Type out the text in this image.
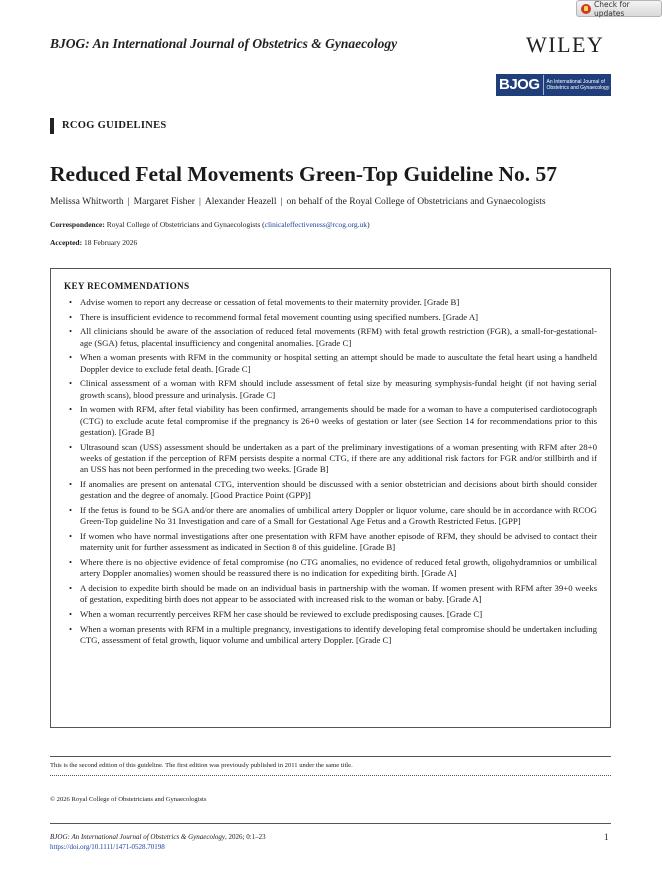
Check for updates
BJOG: An International Journal of Obstetrics & Gynaecology	WILEY
BJOG	An International Journal of
Obstetrics and Gynaecology
RCOG GUIDELINES
Reduced Fetal Movements Green-Top Guideline No. 57
Melissa Whitworth | Margaret Fisher | Alexander Heazell | on behalf of the Royal College of Obstetricians and Gynaecologists
Correspondence: Royal College of Obstetricians and Gynaecologists (clinicaleffectiveness@rcog.org.uk)
Accepted: 18 February 2026
KEY RECOMMENDATIONS
• Advise women to report any decrease or cessation of fetal movements to their maternity provider. [Grade B]
• There is insufficient evidence to recommend formal fetal movement counting using specified numbers. [Grade A]
• All clinicians should be aware of the association of reduced fetal movements (RFM) with fetal growth restriction (FGR), a small-for-gestational-age (SGA) fetus, placental insufficiency and congenital anomalies. [Grade C]
• When a woman presents with RFM in the community or hospital setting an attempt should be made to auscultate the fetal heart using a handheld Doppler device to exclude fetal death. [Grade C]
• Clinical assessment of a woman with RFM should include assessment of fetal size by measuring symphysis-fundal height (if not having serial growth scans), blood pressure and urinalysis. [Grade C]
• In women with RFM, after fetal viability has been confirmed, arrangements should be made for a woman to have a computerised cardiotocograph (CTG) to exclude acute fetal compromise if the pregnancy is 26+0 weeks of gestation or later (see Section 14 for recommendations prior to this gestation). [Grade B]
• Ultrasound scan (USS) assessment should be undertaken as a part of the preliminary investigations of a woman presenting with RFM after 28+0 weeks of gestation if the perception of RFM persists despite a normal CTG, if there are any additional risk factors for FGR and/or stillbirth and if an USS has not been performed in the preceding two weeks. [Grade B]
• If anomalies are present on antenatal CTG, intervention should be discussed with a senior obstetrician and decisions about birth should consider gestation and the degree of anomaly. [Good Practice Point (GPP)]
• If the fetus is found to be SGA and/or there are anomalies of umbilical artery Doppler or liquor volume, care should be in accordance with RCOG Green-Top guideline No 31 Investigation and care of a Small for Gestational Age Fetus and a Growth Restricted Fetus. [GPP]
• If women who have normal investigations after one presentation with RFM have another episode of RFM, they should be advised to contact their maternity unit for further assessment as indicated in Section 8 of this guideline. [Grade B]
• Where there is no objective evidence of fetal compromise (no CTG anomalies, no evidence of reduced fetal growth, oligohydramnios or umbilical artery Doppler anomalies) women should be reassured there is no indication for expediting birth. [Grade A]
• A decision to expedite birth should be made on an individual basis in partnership with the woman. If women present with RFM after 39+0 weeks of gestation, expediting birth does not appear to be associated with increased risk to the woman or baby. [Grade A]
• When a woman recurrently perceives RFM her case should be reviewed to exclude predisposing causes. [Grade C]
• When a woman presents with RFM in a multiple pregnancy, investigations to identify developing fetal compromise should be undertaken including CTG, assessment of fetal growth, liquor volume and umbilical artery Doppler. [Grade C]
This is the second edition of this guideline. The first edition was previously published in 2011 under the same title.
© 2026 Royal College of Obstetricians and Gynaecologists
BJOG: An International Journal of Obstetrics & Gynaecology, 2026; 0:1–23
https://doi.org/10.1111/1471-0528.70198
1
